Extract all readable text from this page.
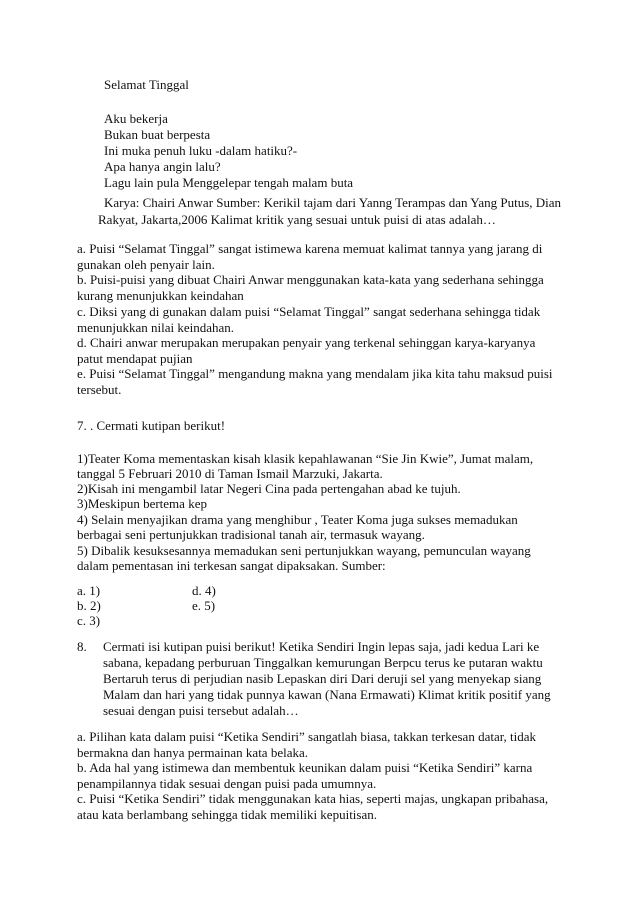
Selamat Tinggal
Aku bekerja
Bukan buat berpesta
Ini muka penuh luku -dalam hatiku?-
Apa hanya angin lalu?
Lagu lain pula Menggelepar tengah malam buta
Karya: Chairi Anwar Sumber: Kerikil tajam dari Yanng Terampas dan Yang Putus, Dian
Rakyat, Jakarta,2006 Kalimat kritik yang sesuai untuk puisi di atas adalah…
a. Puisi “Selamat Tinggal” sangat istimewa karena memuat kalimat tannya yang jarang di
gunakan oleh penyair lain.
b. Puisi-puisi yang dibuat Chairi Anwar menggunakan kata-kata yang sederhana sehingga
kurang menunjukkan keindahan
c. Diksi yang di gunakan dalam puisi “Selamat Tinggal” sangat sederhana sehingga tidak
menunjukkan nilai keindahan.
d. Chairi anwar merupakan merupakan penyair yang terkenal sehinggan karya-karyanya
patut mendapat pujian
e. Puisi “Selamat Tinggal” mengandung makna yang mendalam jika kita tahu maksud puisi
tersebut.
7. . Cermati kutipan berikut!
1)Teater Koma mementaskan kisah klasik kepahlawanan “Sie Jin Kwie”, Jumat malam,
tanggal 5 Februari 2010 di Taman Ismail Marzuki, Jakarta.
2)Kisah ini mengambil latar Negeri Cina pada pertengahan abad ke tujuh.
3)Meskipun bertema kep
4) Selain menyajikan drama yang menghibur , Teater Koma juga sukses memadukan
berbagai seni pertunjukkan tradisional tanah air, termasuk wayang.
5) Dibalik kesuksesannya memadukan seni pertunjukkan wayang, pemunculan wayang
dalam pementasan ini terkesan sangat dipaksakan. Sumber:
a. 1)	d. 4)
b. 2)	e. 5)
c. 3)
8. Cermati isi kutipan puisi berikut! Ketika Sendiri Ingin lepas saja, jadi kedua Lari ke
sabana, kepadang perburuan Tinggalkan kemurungan Berpcu terus ke putaran waktu
Bertaruh terus di perjudian nasib Lepaskan diri Dari deruji sel yang menyekap siang
Malam dan hari yang tidak punnya kawan (Nana Ermawati) Klimat kritik positif yang
sesuai dengan puisi tersebut adalah…
a. Pilihan kata dalam puisi “Ketika Sendiri” sangatlah biasa, takkan terkesan datar, tidak
bermakna dan hanya permainan kata belaka.
b. Ada hal yang istimewa dan membentuk keunikan dalam puisi “Ketika Sendiri” karna
penampilannya tidak sesuai dengan puisi pada umumnya.
c. Puisi “Ketika Sendiri” tidak menggunakan kata hias, seperti majas, ungkapan pribahasa,
atau kata berlambang sehingga tidak memiliki kepuitisan.
